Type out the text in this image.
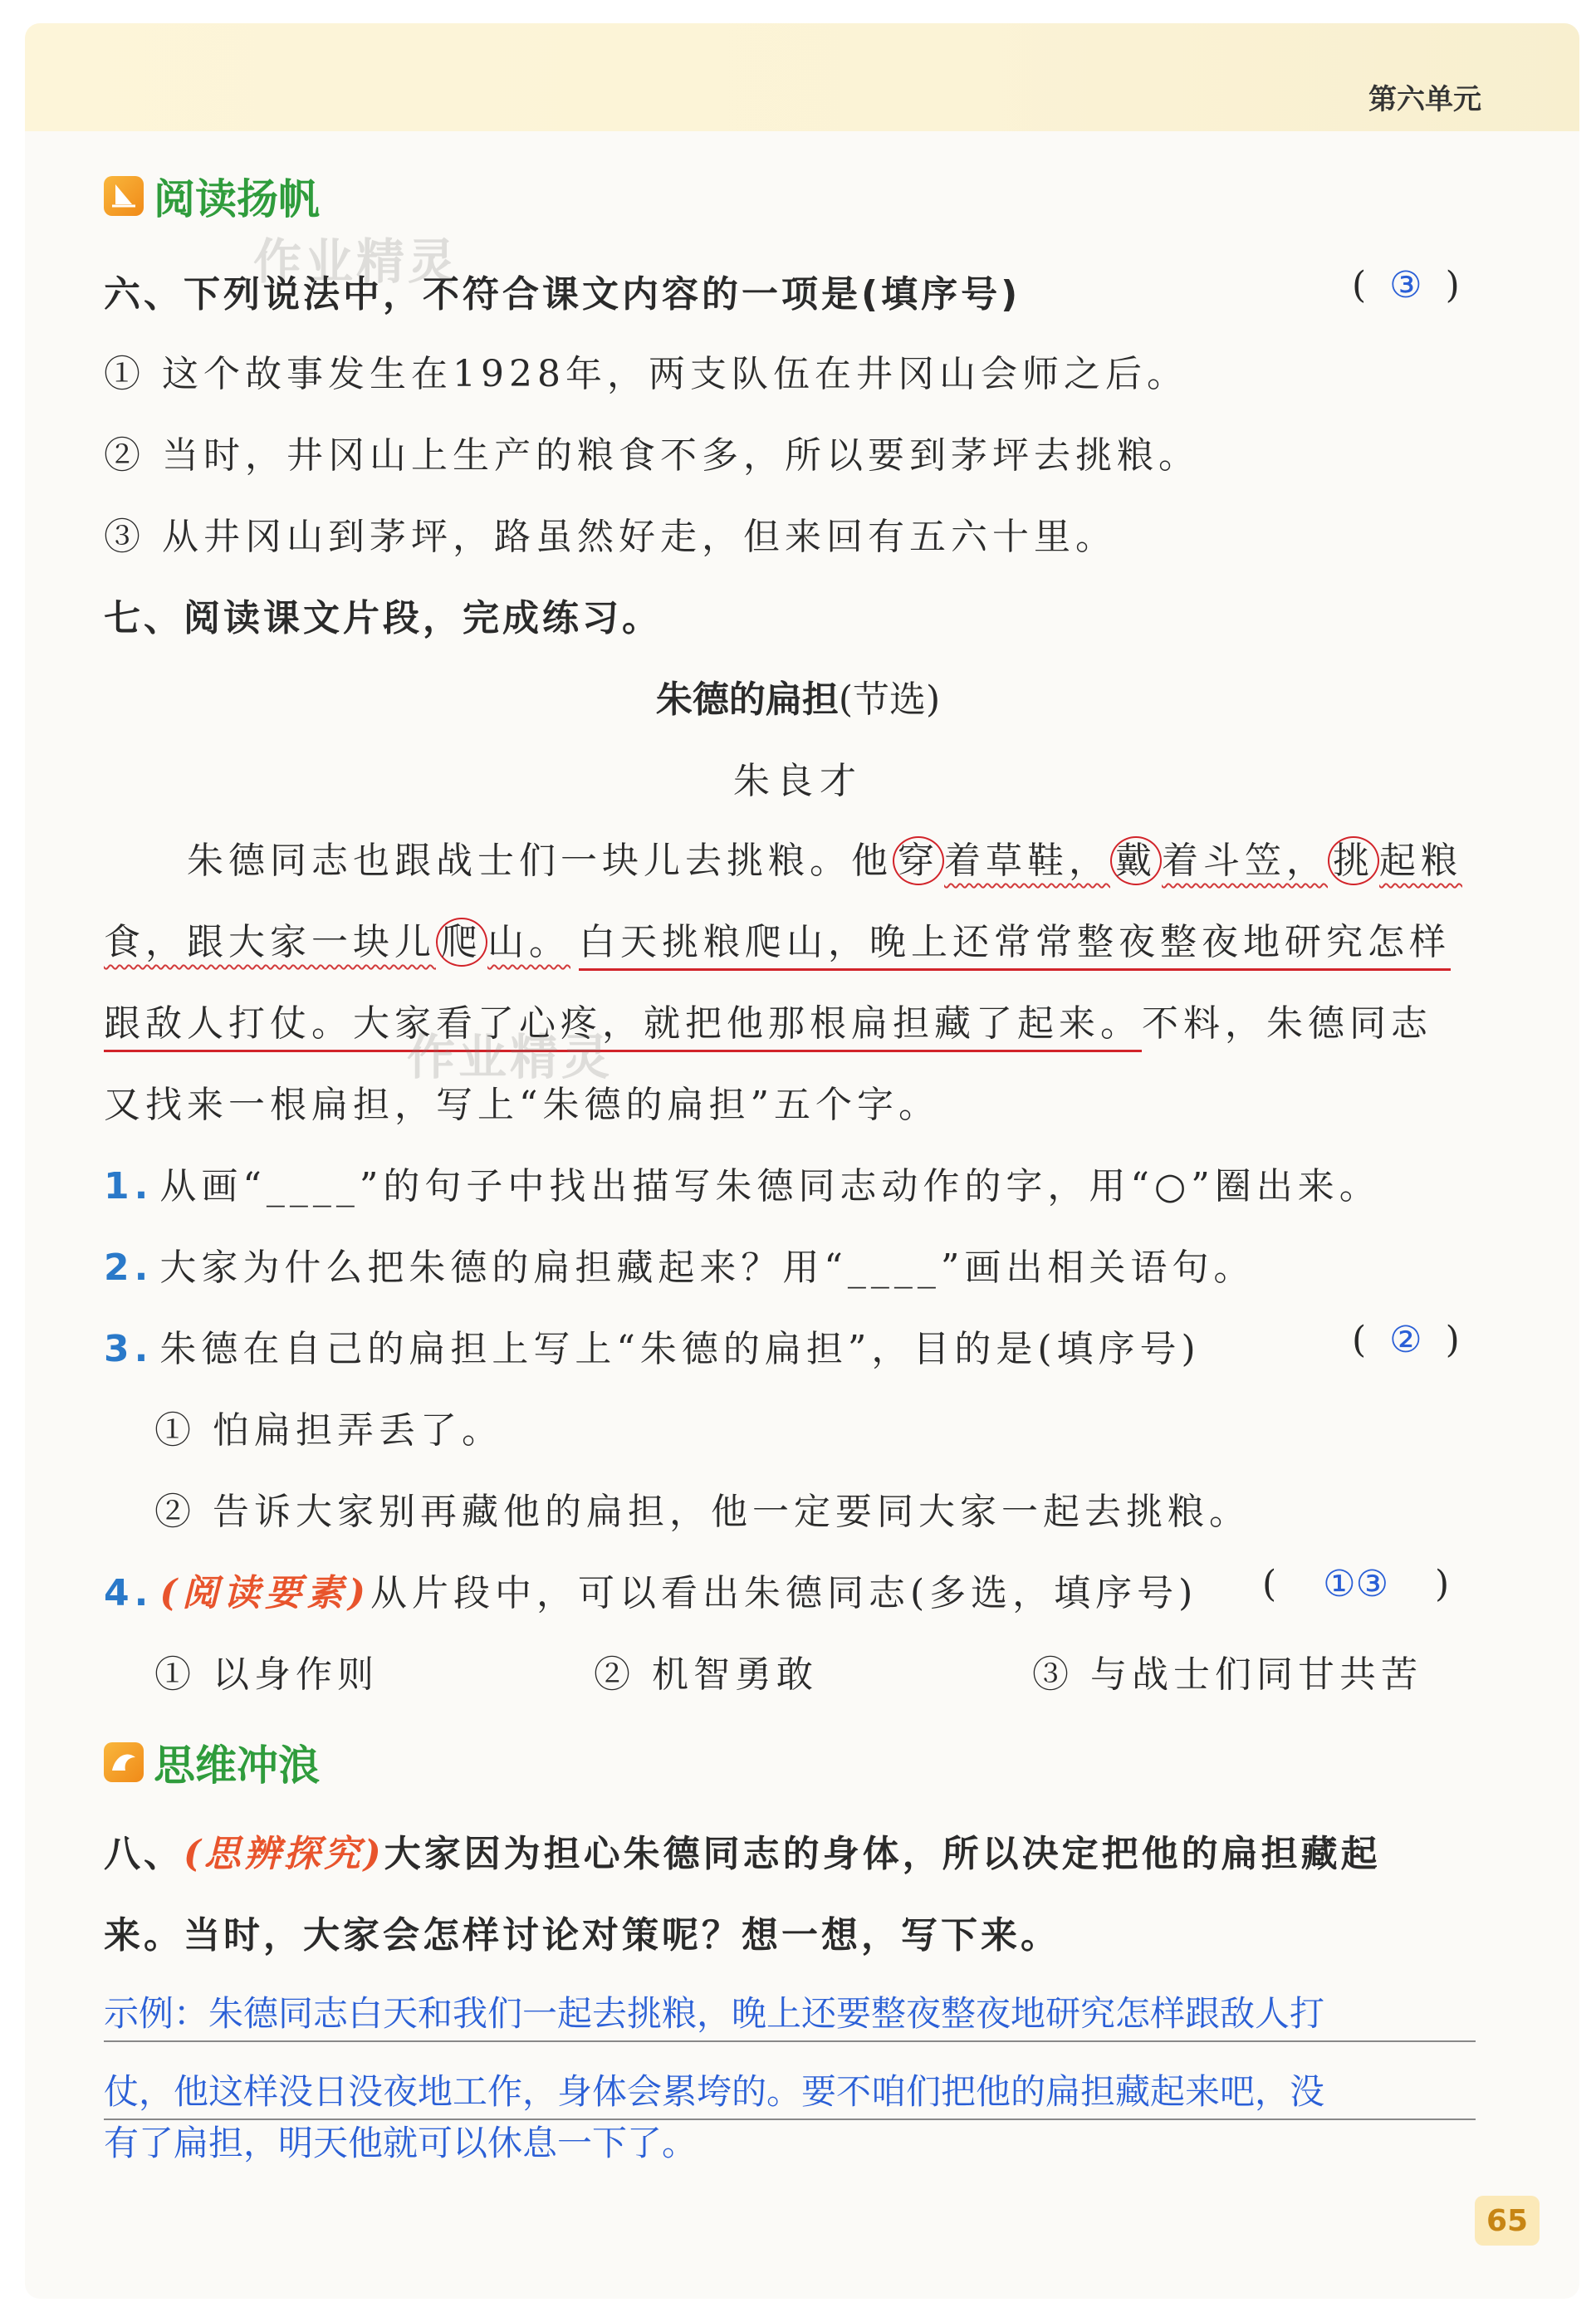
第六单元
阅读扬帆
作业精灵
六、下列说法中，不符合课文内容的一项是(填序号)	(  ③  )
① 这个故事发生在1928年，两支队伍在井冈山会师之后。
② 当时，井冈山上生产的粮食不多，所以要到茅坪去挑粮。
③ 从井冈山到茅坪，路虽然好走，但来回有五六十里。
七、阅读课文片段，完成练习。
朱德的扁担(节选)
朱良才
朱德同志也跟战士们一块儿去挑粮。他 穿 着草鞋， 戴 着斗笠， 挑 起粮
食，跟大家一块儿 爬 山。 白天挑粮爬山，晚上还常常整夜整夜地研究怎样
跟敌人打仗。大家看了心疼，就把他那根扁担藏了起来。不料，朱德同志
作业精灵
又找来一根扁担，写上“朱德的扁担”五个字。
1. 从画“____”的句子中找出描写朱德同志动作的字，用“○”圈出来。
2. 大家为什么把朱德的扁担藏起来？用“____”画出相关语句。
3. 朱德在自己的扁担上写上“朱德的扁担”，目的是(填序号)	(  ②  )
① 怕扁担弄丢了。
② 告诉大家别再藏他的扁担，他一定要同大家一起去挑粮。
4. (阅读要素)从片段中，可以看出朱德同志(多选，填序号) (    ①③    )
① 以身作则	② 机智勇敢	③ 与战士们同甘共苦
思维冲浪
八、(思辨探究)大家因为担心朱德同志的身体，所以决定把他的扁担藏起
来。当时，大家会怎样讨论对策呢？想一想，写下来。
示例：朱德同志白天和我们一起去挑粮，晚上还要整夜整夜地研究怎样跟敌人打
仗，他这样没日没夜地工作，身体会累垮的。要不咱们把他的扁担藏起来吧，没
有了扁担，明天他就可以休息一下了。
65
